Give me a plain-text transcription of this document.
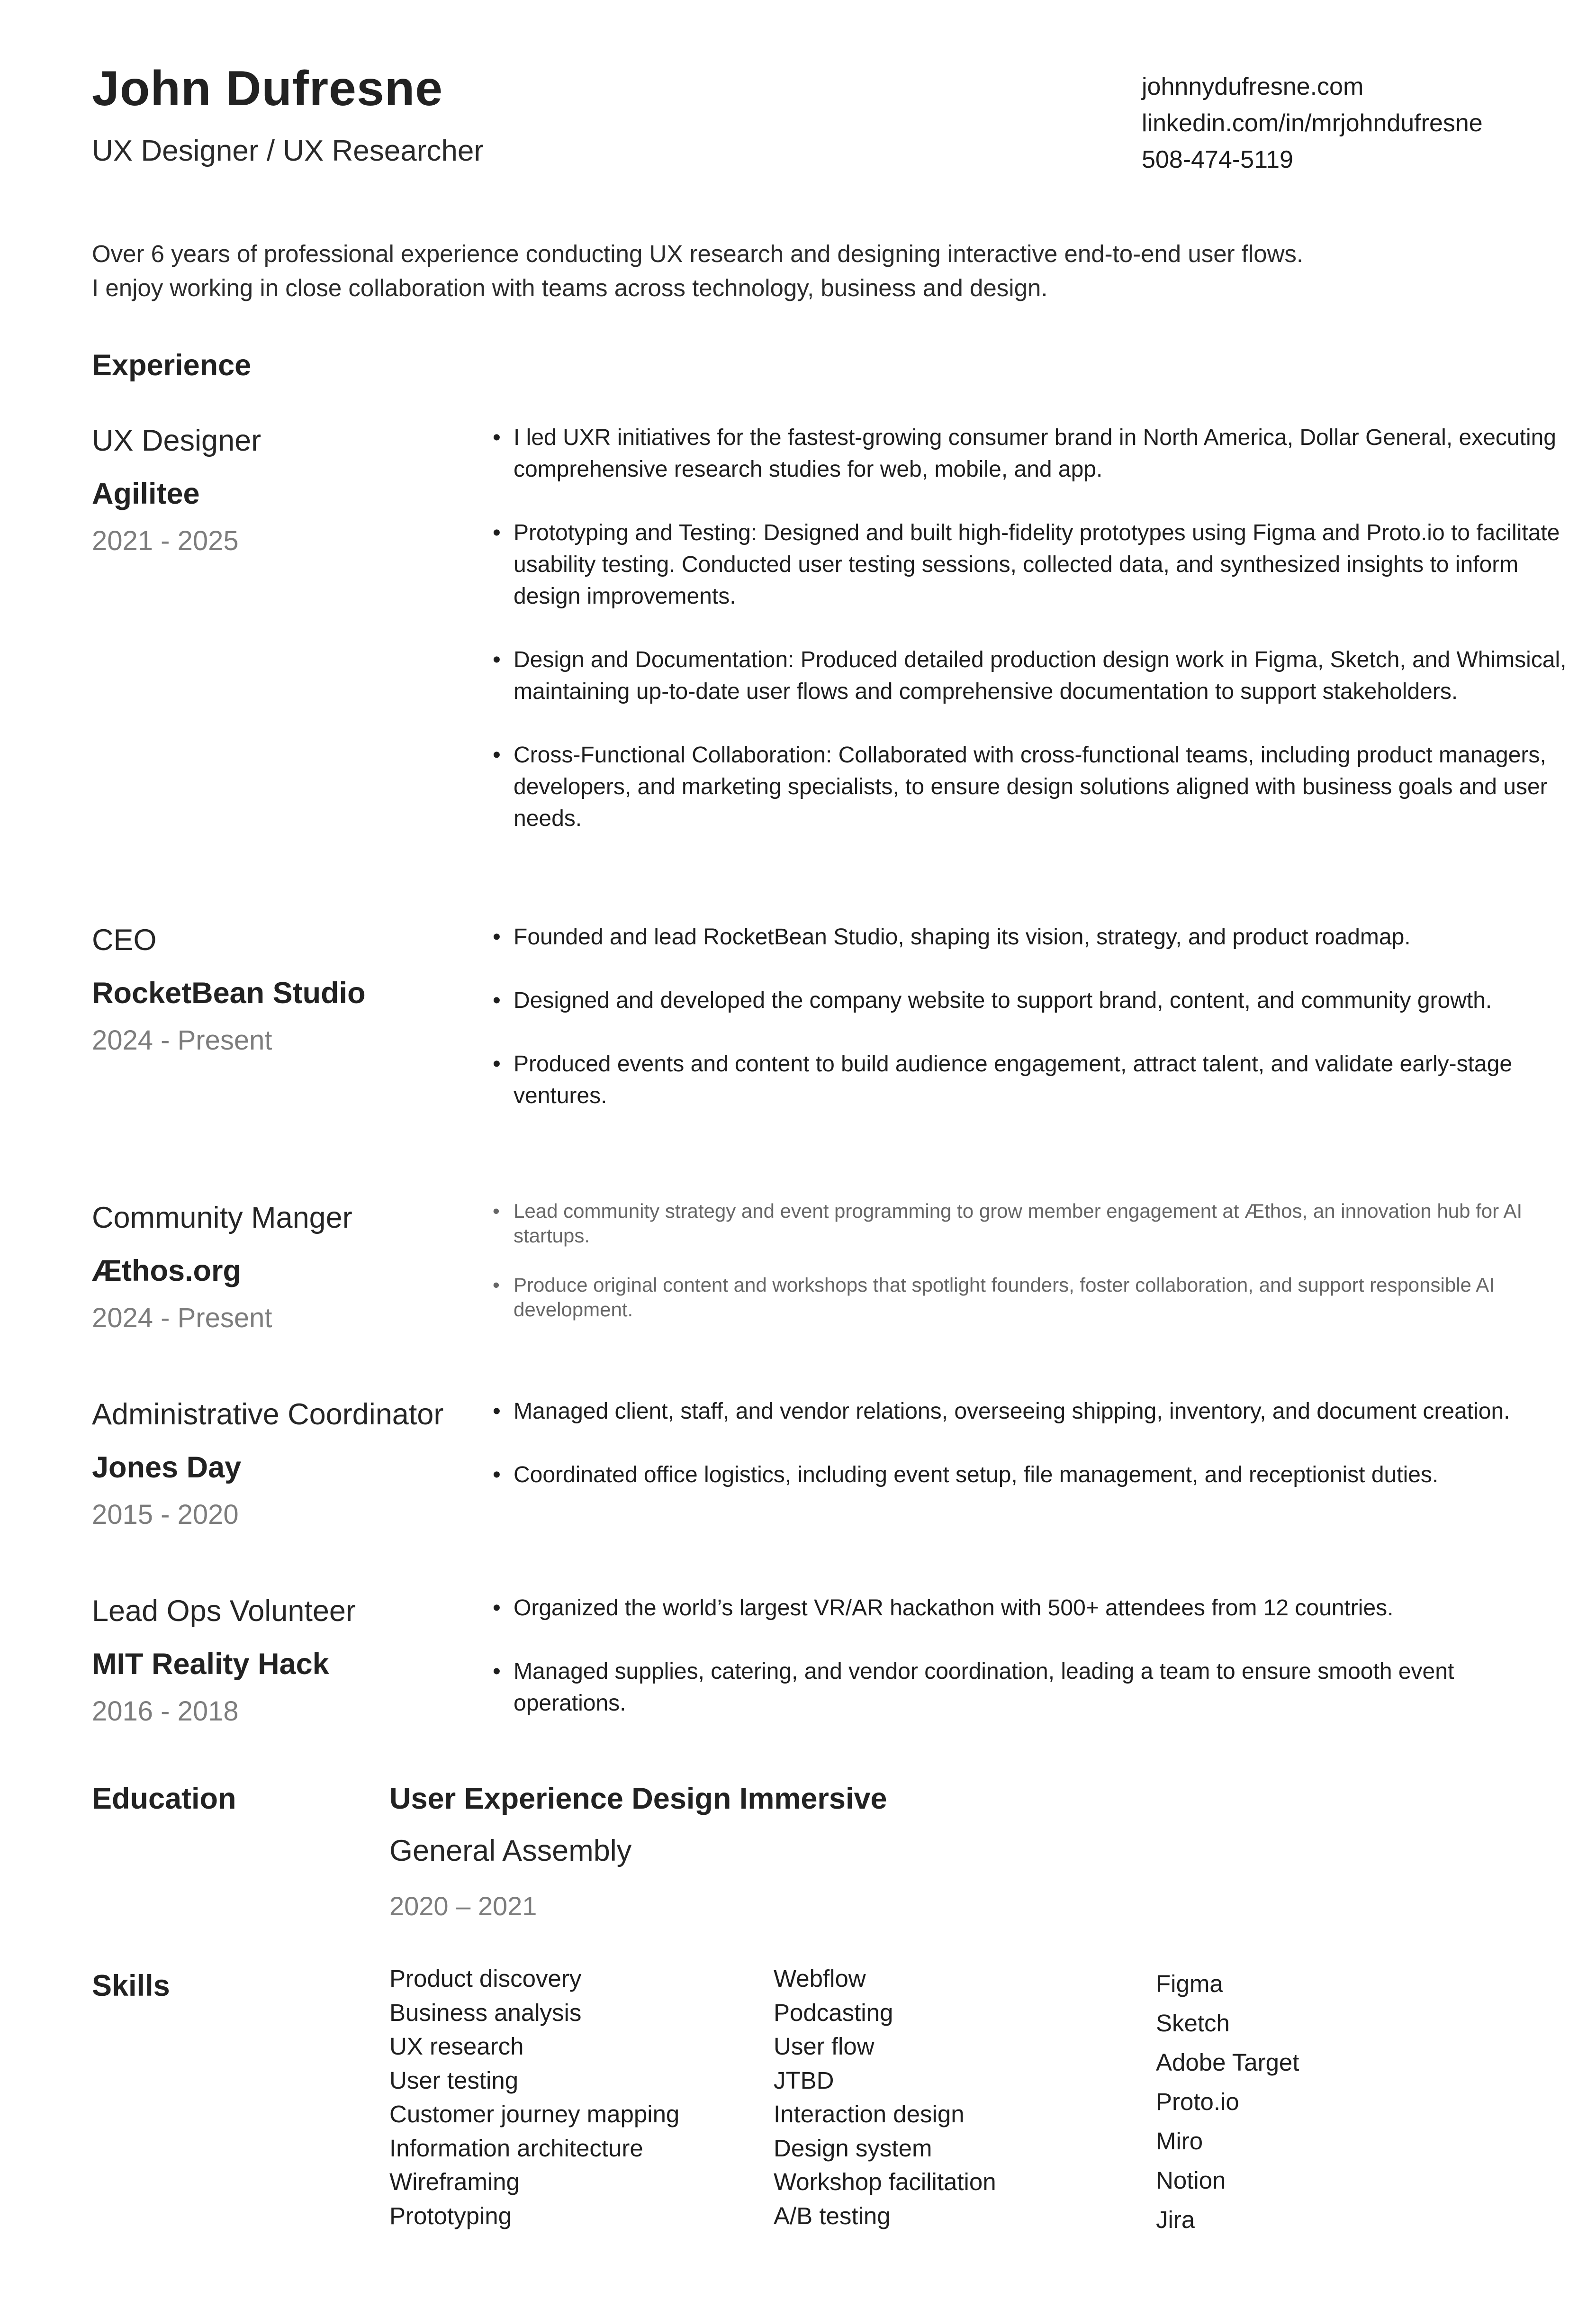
John Dufresne
UX Designer / UX Researcher
johnnydufresne.com
linkedin.com/in/mrjohndufresne
508-474-5119
Over 6 years of professional experience conducting UX research and designing interactive end-to-end user flows.
I enjoy working in close collaboration with teams across technology, business and design.
Experience
UX Designer
Agilitee
2021 - 2025
• I led UXR initiatives for the fastest-growing consumer brand in North America, Dollar General, executing comprehensive research studies for web, mobile, and app.
• Prototyping and Testing: Designed and built high-fidelity prototypes using Figma and Proto.io to facilitate usability testing. Conducted user testing sessions, collected data, and synthesized insights to inform design improvements.
• Design and Documentation: Produced detailed production design work in Figma, Sketch, and Whimsical, maintaining up-to-date user flows and comprehensive documentation to support stakeholders.
• Cross-Functional Collaboration: Collaborated with cross-functional teams, including product managers, developers, and marketing specialists, to ensure design solutions aligned with business goals and user needs.
CEO
RocketBean Studio
2024 - Present
• Founded and lead RocketBean Studio, shaping its vision, strategy, and product roadmap.
• Designed and developed the company website to support brand, content, and community growth.
• Produced events and content to build audience engagement, attract talent, and validate early-stage ventures.
Community Manger
Æthos.org
2024 - Present
• Lead community strategy and event programming to grow member engagement at Æthos, an innovation hub for AI startups.
• Produce original content and workshops that spotlight founders, foster collaboration, and support responsible AI development.
Administrative Coordinator
Jones Day
2015 - 2020
• Managed client, staff, and vendor relations, overseeing shipping, inventory, and document creation.
• Coordinated office logistics, including event setup, file management, and receptionist duties.
Lead Ops Volunteer
MIT Reality Hack
2016 - 2018
• Organized the world’s largest VR/AR hackathon with 500+ attendees from 12 countries.
• Managed supplies, catering, and vendor coordination, leading a team to ensure smooth event operations.
Education	User Experience Design Immersive
General Assembly
2020 – 2021
Skills	Product discovery
Business analysis
UX research
User testing
Customer journey mapping
Information architecture
Wireframing
Prototyping
Webflow
Podcasting
User flow
JTBD
Interaction design
Design system
Workshop facilitation
A/B testing
Figma
Sketch
Adobe Target
Proto.io
Miro
Notion
Jira
